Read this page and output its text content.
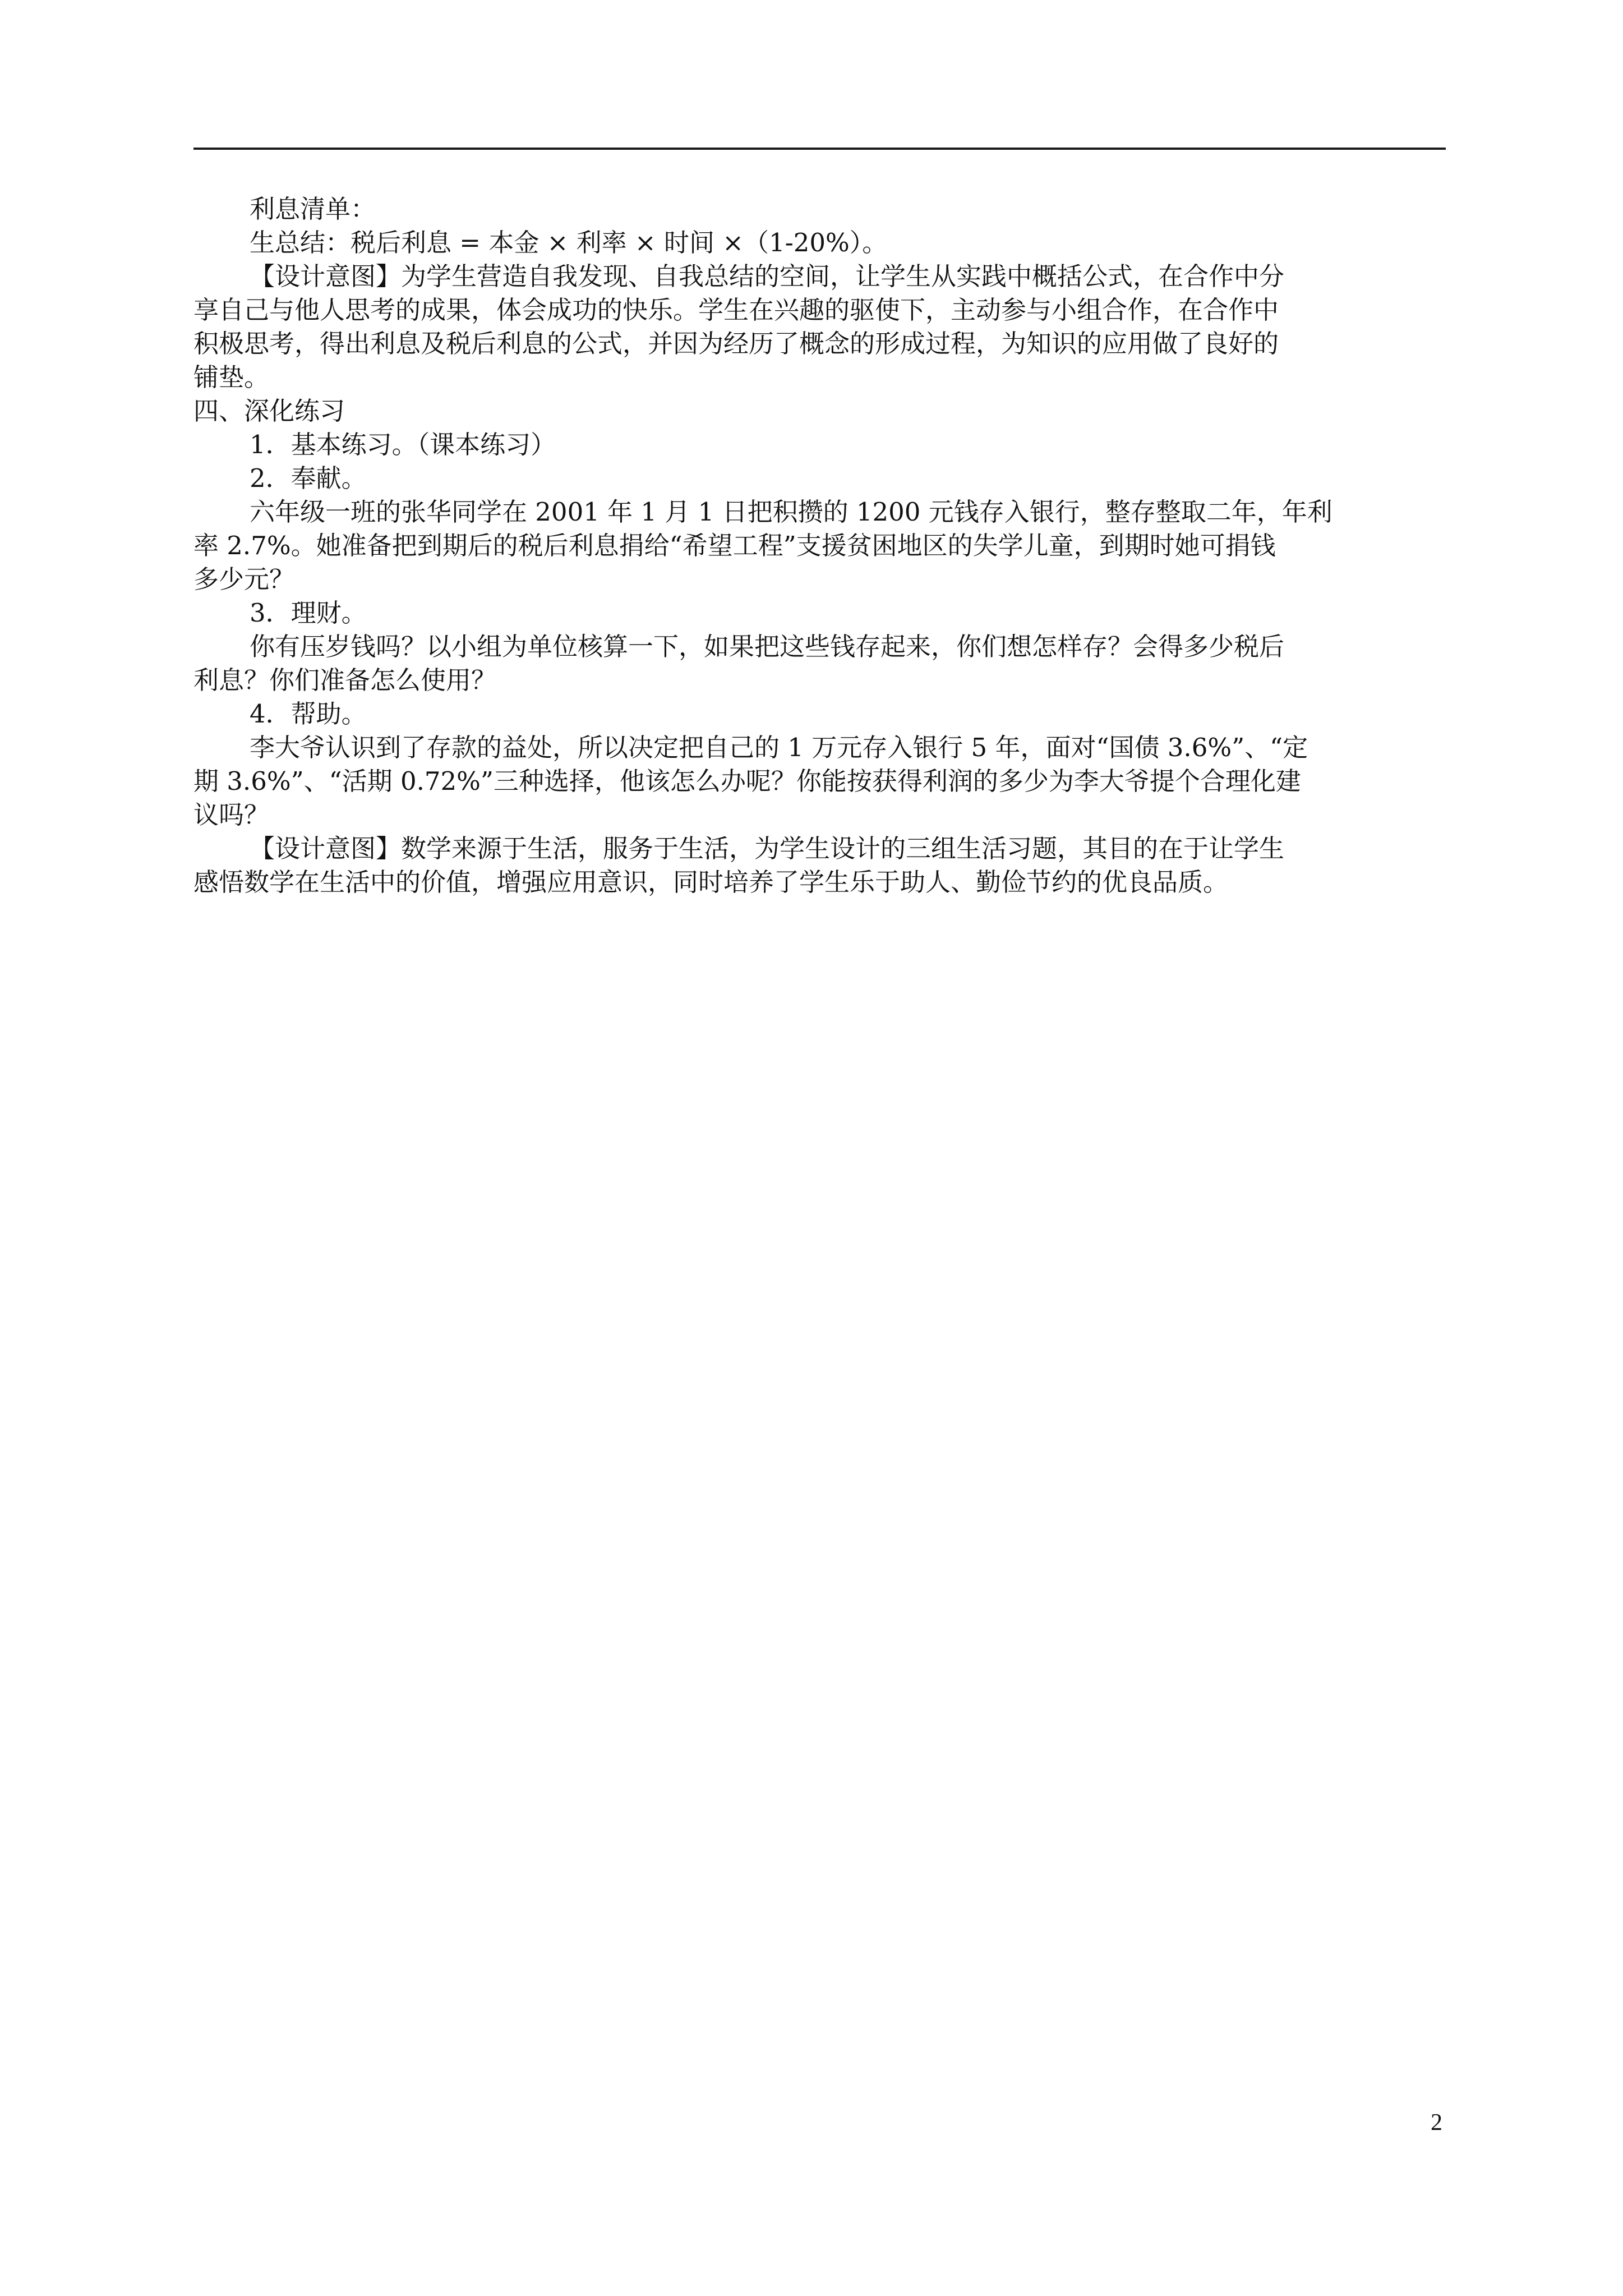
利息清单：
生总结：税后利息 = 本金 × 利率 × 时间 ×（1-20%）。
【设计意图】为学生营造自我发现、自我总结的空间，让学生从实践中概括公式，在合作中分
享自己与他人思考的成果，体会成功的快乐。学生在兴趣的驱使下，主动参与小组合作，在合作中
积极思考，得出利息及税后利息的公式，并因为经历了概念的形成过程，为知识的应用做了良好的
铺垫。
四、深化练习
1．基本练习。（课本练习）
2．奉献。
六年级一班的张华同学在 2001 年 1 月 1 日把积攒的 1200 元钱存入银行，整存整取二年，年利
率 2.7%。她准备把到期后的税后利息捐给“希望工程”支援贫困地区的失学儿童，到期时她可捐钱
多少元？
3．理财。
你有压岁钱吗？以小组为单位核算一下，如果把这些钱存起来，你们想怎样存？会得多少税后
利息？你们准备怎么使用？
4．帮助。
李大爷认识到了存款的益处，所以决定把自己的 1 万元存入银行 5 年，面对“国债 3.6%”、“定
期 3.6%”、“活期 0.72%”三种选择，他该怎么办呢？你能按获得利润的多少为李大爷提个合理化建
议吗？
【设计意图】数学来源于生活，服务于生活，为学生设计的三组生活习题，其目的在于让学生
感悟数学在生活中的价值，增强应用意识，同时培养了学生乐于助人、勤俭节约的优良品质。
2
